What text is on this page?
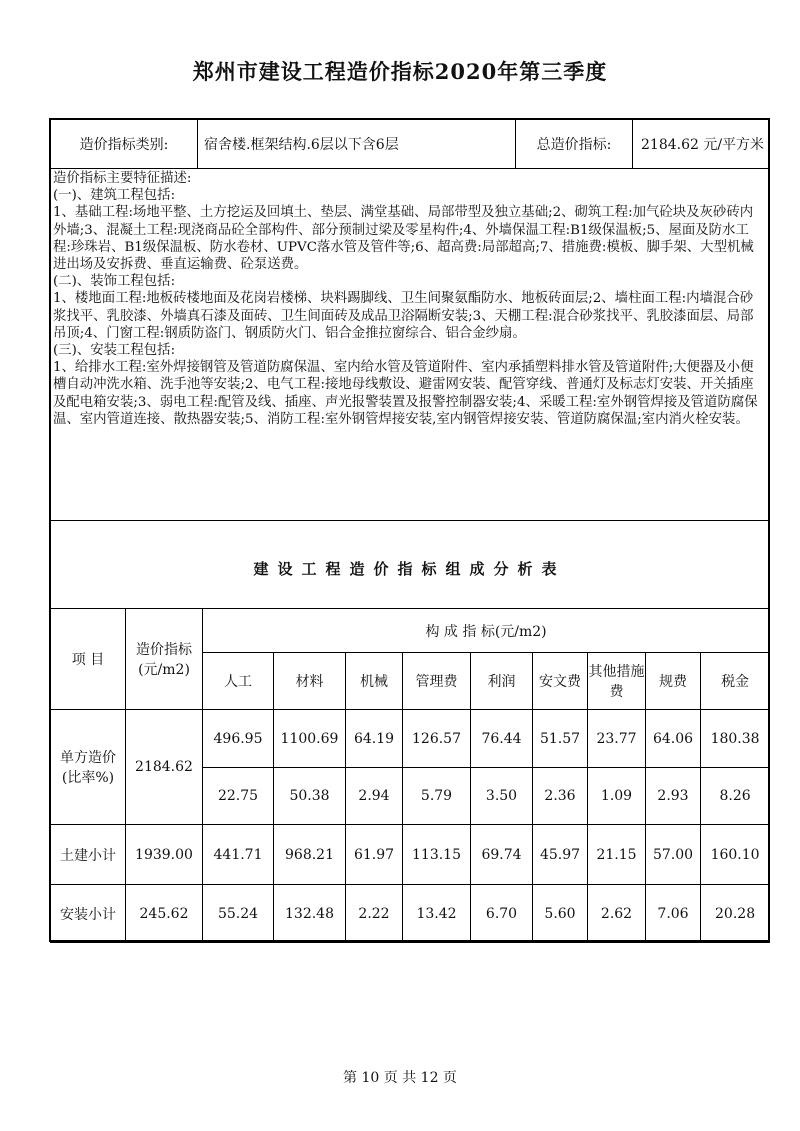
郑州市建设工程造价指标2020年第三季度
造价指标类别:	宿舍楼.框架结构.6层以下含6层	总造价指标:	2184.62 元/平方米

造价指标主要特征描述:

(一)、建筑工程包括:

1、基础工程:场地平整、土方挖运及回填土、垫层、满堂基础、局部带型及独立基础;2、砌筑工程:加气砼块及灰砂砖内外墙;3、混凝土工程:现浇商品砼全部构件、部分预制过梁及零星构件;4、外墙保温工程:B1级保温板;5、屋面及防水工程:珍珠岩、B1级保温板、防水卷材、UPVC落水管及管件等;6、超高费:局部超高;7、措施费:模板、脚手架、大型机械进出场及安拆费、垂直运输费、砼泵送费。

(二)、装饰工程包括:

1、楼地面工程:地板砖楼地面及花岗岩楼梯、块料踢脚线、卫生间聚氨酯防水、地板砖面层;2、墙柱面工程:内墙混合砂浆找平、乳胶漆、外墙真石漆及面砖、卫生间面砖及成品卫浴隔断安装;3、天棚工程:混合砂浆找平、乳胶漆面层、局部吊顶;4、门窗工程:钢质防盗门、钢质防火门、铝合金推拉窗综合、铝合金纱扇。

(三)、安装工程包括:

1、给排水工程:室外焊接钢管及管道防腐保温、室内给水管及管道附件、室内承插塑料排水管及管道附件;大便器及小便槽自动冲洗水箱、洗手池等安装;2、电气工程:接地母线敷设、避雷网安装、配管穿线、普通灯及标志灯安装、开关插座及配电箱安装;3、弱电工程:配管及线、插座、声光报警装置及报警控制器安装;4、采暖工程:室外钢管焊接及管道防腐保温、室内管道连接、散热器安装;5、消防工程:室外钢管焊接安装,室内钢管焊接安装、管道防腐保温;室内消火栓安装。

建设工程造价指标组成分析表
项 目	造价指标
(元/m2)	构 成 指 标(元/m2)								
		人工	材料	机械	管理费	利润	安文费	其他措施费	规费	税金
单方造价(比率%)	2184.62	496.95	1100.69	64.19	126.57	76.44	51.57	23.77	64.06	180.38
		22.75	50.38	2.94	5.79	3.50	2.36	1.09	2.93	8.26
土建小计	1939.00	441.71	968.21	61.97	113.15	69.74	45.97	21.15	57.00	160.10
安装小计	245.62	55.24	132.48	2.22	13.42	6.70	5.60	2.62	7.06	20.28
第 10 页 共 12 页
